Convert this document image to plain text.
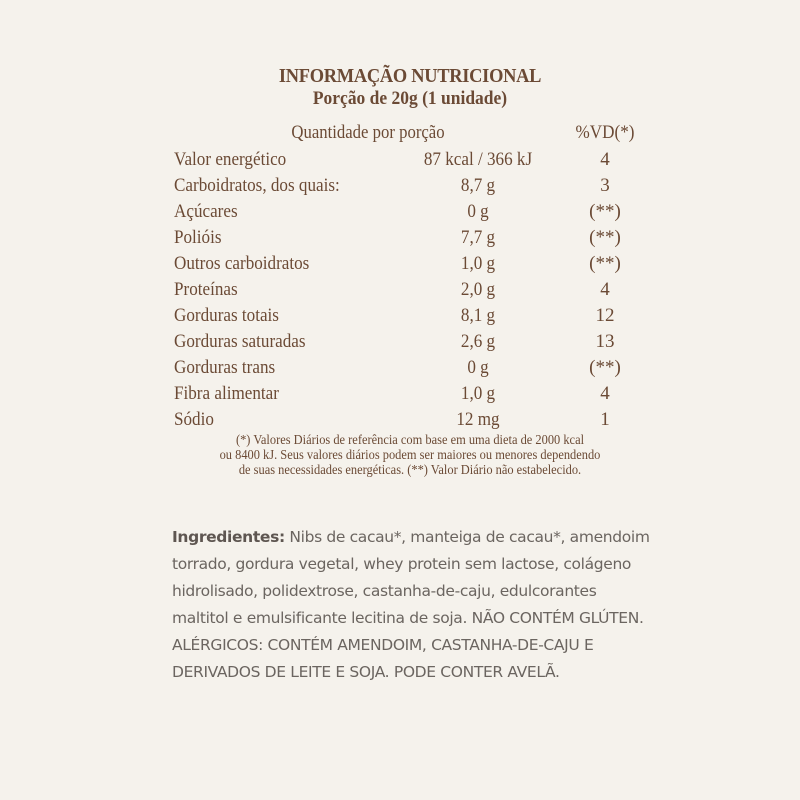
INFORMAÇÃO NUTRICIONAL
Porção de 20g (1 unidade)
Quantidade por porção	%VD(*)
Valor energético	87 kcal / 366 kJ	4
Carboidratos, dos quais:	8,7 g	3
Açúcares	0 g	(**)
Polióis	7,7 g	(**)
Outros carboidratos	1,0 g	(**)
Proteínas	2,0 g	4
Gorduras totais	8,1 g	12
Gorduras saturadas	2,6 g	13
Gorduras trans	0 g	(**)
Fibra alimentar	1,0 g	4
Sódio	12 mg	1
(*) Valores Diários de referência com base em uma dieta de 2000 kcal
ou 8400 kJ. Seus valores diários podem ser maiores ou menores dependendo
de suas necessidades energéticas. (**) Valor Diário não estabelecido.
Ingredientes: Nibs de cacau*, manteiga de cacau*, amendoim torrado, gordura vegetal, whey protein sem lactose, colágeno hidrolisado, polidextrose, castanha-de-caju, edulcorantes maltitol e emulsificante lecitina de soja. NÃO CONTÉM GLÚTEN. ALÉRGICOS: CONTÉM AMENDOIM, CASTANHA-DE-CAJU E DERIVADOS DE LEITE E SOJA. PODE CONTER AVELÃ.
